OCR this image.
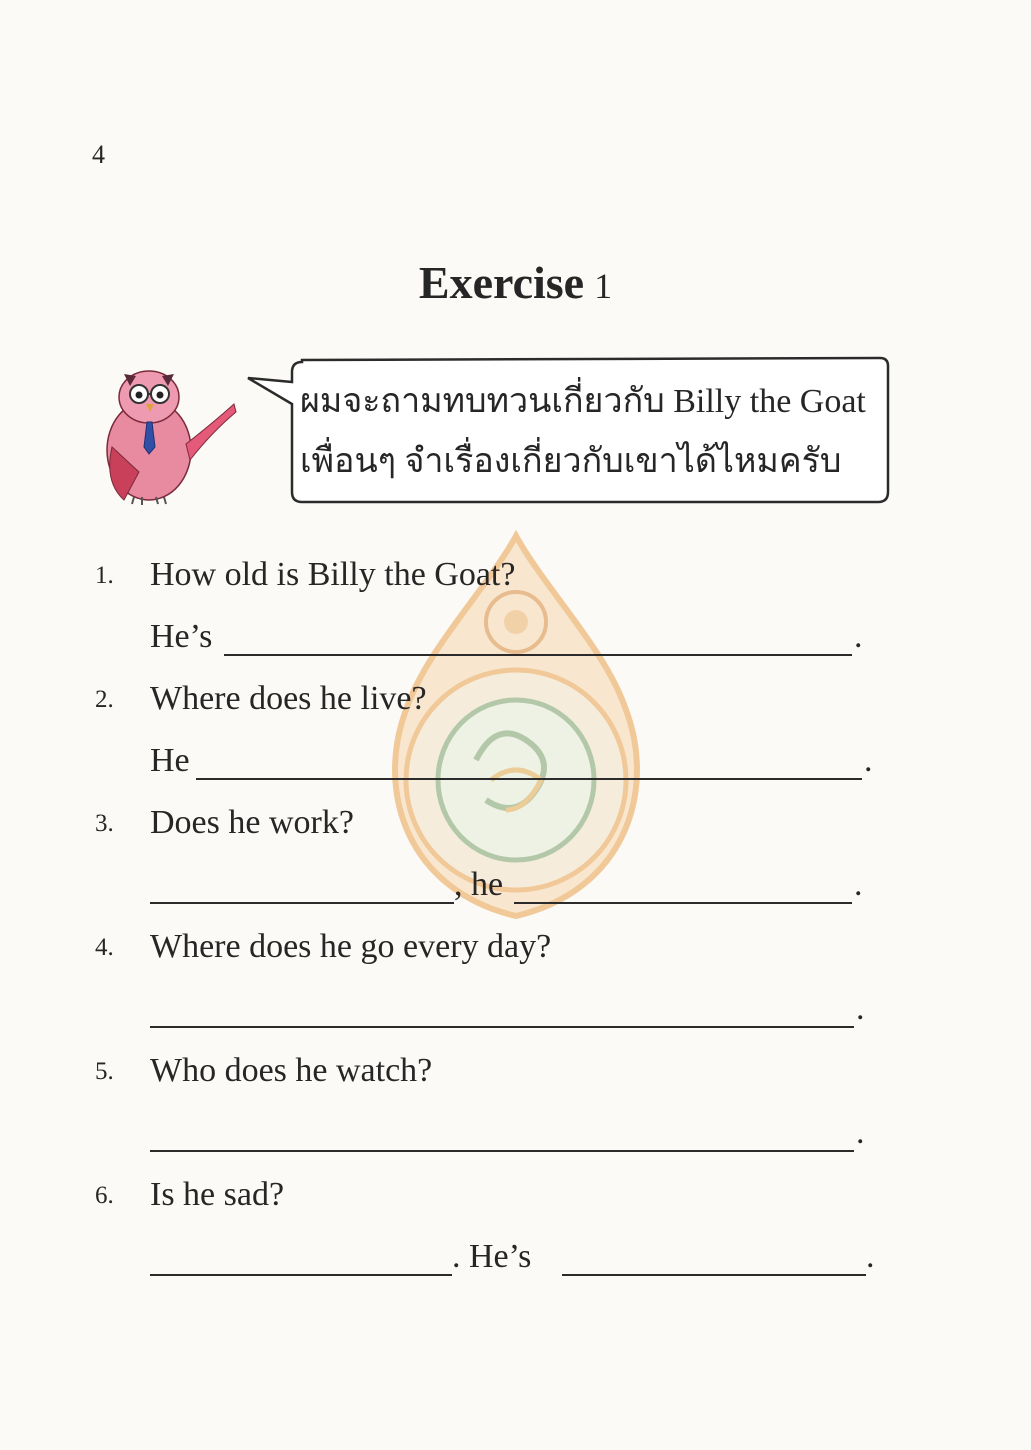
4
Exercise 1
ผมจะถามทบทวนเกี่ยวกับ Billy the Goat
เพื่อนๆ จำเรื่องเกี่ยวกับเขาได้ไหมครับ
1. How old is Billy the Goat?
He’s	.
2. Where does he live?
He	.
3. Does he work?
, he	.
4. Where does he go every day?
.
5. Who does he watch?
.
6. Is he sad?
. He’s	.
